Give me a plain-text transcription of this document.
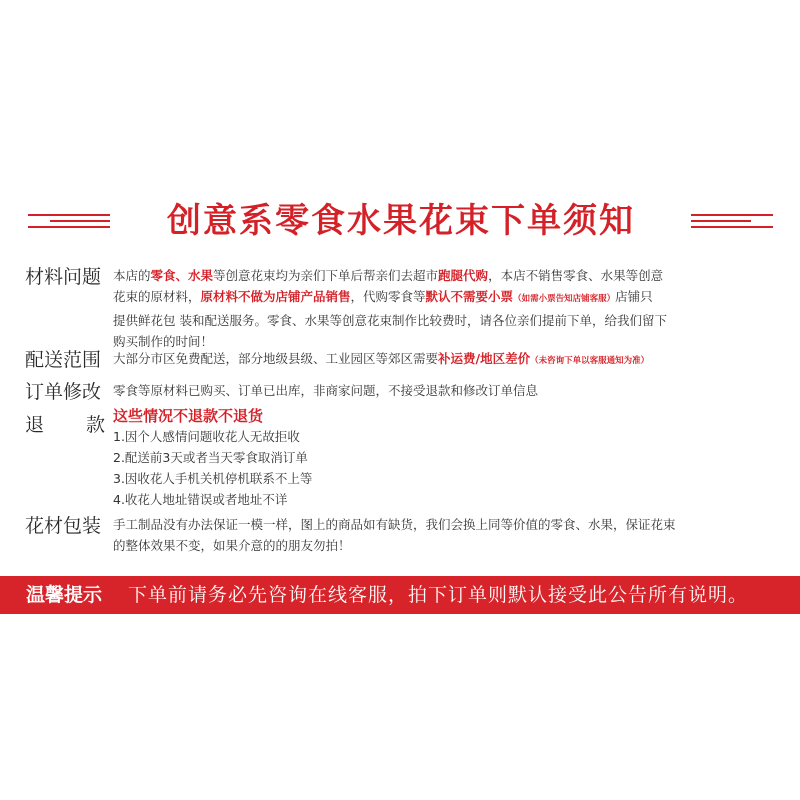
创意系零食水果花束下单须知
材料问题 本店的零食、水果等创意花束均为亲们下单后帮亲们去超市跑腿代购，本店不销售零食、水果等创意
花束的原材料，原材料不做为店铺产品销售，代购零食等默认不需要小票（如需小票告知店铺客服）店铺只
提供鲜花包 装和配送服务。零食、水果等创意花束制作比较费时，请各位亲们提前下单，给我们留下
购买制作的时间！
配送范围 大部分市区免费配送，部分地级县级、工业园区等郊区需要补运费/地区差价（未咨询下单以客服通知为准）
订单修改 零食等原材料已购买、订单已出库，非商家问题，不接受退款和修改订单信息
退款
这些情况不退款不退货
1.因个人感情问题收花人无故拒收
2.配送前3天或者当天零食取消订单
3.因收花人手机关机停机联系不上等
4.收花人地址错误或者地址不详
花材包装 手工制品没有办法保证一模一样，图上的商品如有缺货，我们会换上同等价值的零食、水果，保证花束
的整体效果不变，如果介意的的朋友勿拍！
温馨提示 下单前请务必先咨询在线客服，拍下订单则默认接受此公告所有说明。
